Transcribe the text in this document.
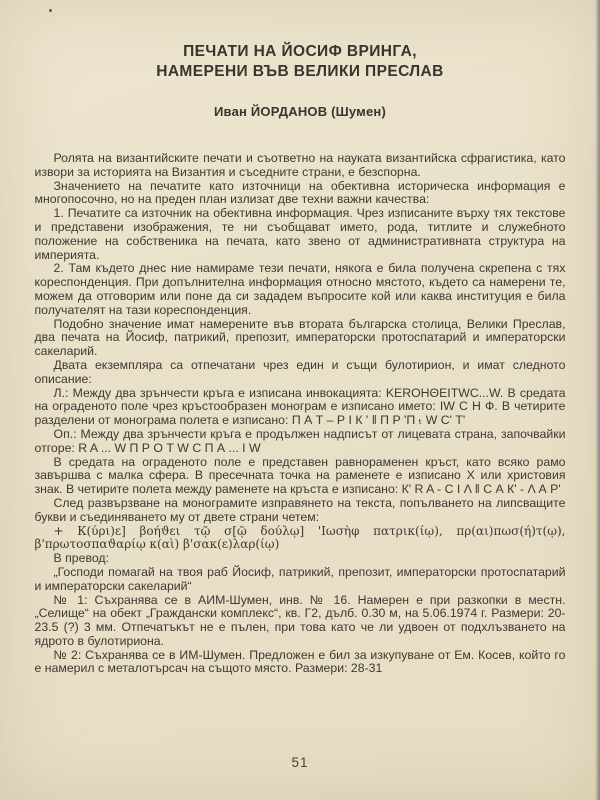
ПЕЧАТИ НА ЙОСИФ ВРИНГА,
НАМЕРЕНИ ВЪВ ВЕЛИКИ ПРЕСЛАВ
Иван ЙОРДАНОВ (Шумен)

Ролята на византийските печати и съответно на науката византийска сфрагистика, като извори за историята на Византия и съседните страни, е безспорна.

Значението на печатите като източници на обективна историческа информация е многопосочно, но на преден план излизат две техни важни качества:

1. Печатите са източник на обективна информация. Чрез изписаните върху тях текстове и представени изображения, те ни съобщават името, рода, титлите и служебното положение на собственика на печата, като звено от административната структура на империята.

2. Там където днес ние намираме тези печати, някога е била получена скрепена с тях кореспонденция. При допълнителна информация относно мястото, където са намерени те, можем да отговорим или поне да си зададем въпросите кой или каква институция е била получателят на тази кореспонденция.

Подобно значение имат намерените във втората българска столица, Велики Преслав, два печата на Йосиф, патрикий, препозит, императорски протоспатарий и императорски сакеларий.

Двата екземпляра са отпечатани чрез един и същи булотирион, и имат следното описание:

Л.: Между два зрънчести кръга е изписана инвокацията: KEROHΘEITWC...W. В средата на ограденото поле чрез кръстообразен монограм е изписано името: IW С Н Ф. В четирите разделени от монограма полета е изписано: П А Т – Р I К ' ‖ П Р 'П ₜ W С' Т'

Оп.: Между два зрънчести кръга е продължен надписът от лицевата страна, започвайки отгоре: R A ... W П Р О Т W С П А ... I W

В средата на ограденото поле е представен равнораменен кръст, като всяко рамо завършва с малка сфера. В пресечната точка на раменете е изписано Х или христовия знак. В четирите полета между раменете на кръста е изписано: К' R A - C I Λ ‖ С А К' - Λ А Р'

След развързване на монограмите изправянето на текста, попълването на липсващите букви и съединяването му от двете страни четем:

+ К(ύρι)ε] βοήϑει τῷ σ[ῷ δούλῳ] 'Ιωσὴφ πατρικ(ίῳ), πρ(αι)πωσ(ή)τ(ῳ), β'πρωτοσπαϑαρίῳ κ(αὶ) β'σακ(ε)λαρ(ίῳ)

В превод:

„Господи помагай на твоя раб Йосиф, патрикий, препозит, императорски протоспатарий и императорски сакеларий“

№ 1: Съхранява се в АИМ-Шумен, инв. № 16. Намерен е при разкопки в местн. „Селище“ на обект „Граждански комплекс“, кв. Г2, дълб. 0.30 м, на 5.06.1974 г. Размери: 20-23.5 (?) 3 мм. Отпечатъкът не е пълен, при това като че ли удвоен от подхлъзването на ядрото в булотириона.

№ 2: Съхранява се в ИМ-Шумен. Предложен е бил за изкупуване от Ем. Косев, който го е намерил с металотърсач на същото място. Размери: 28-31

51
